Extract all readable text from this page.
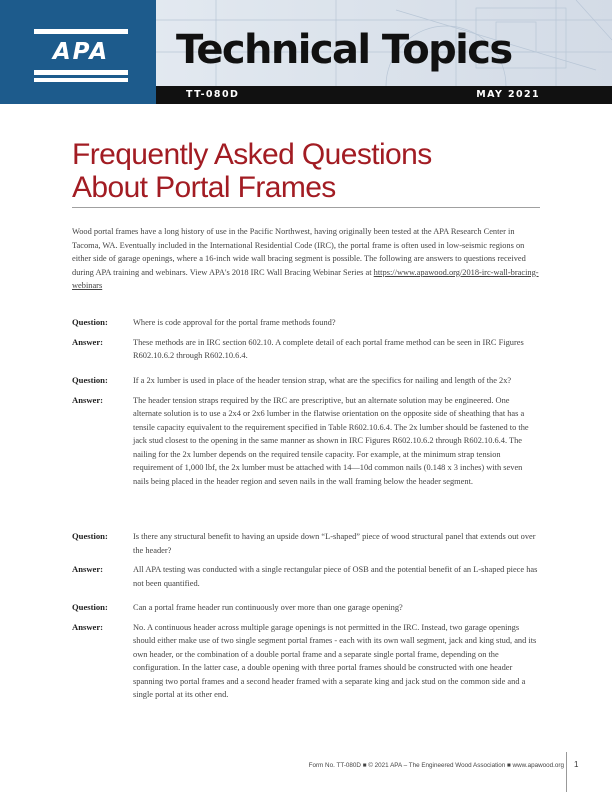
APA	Technical Topics
TT-080D	MAY 2021
Frequently Asked Questions
About Portal Frames

Wood portal frames have a long history of use in the Pacific Northwest, having originally been tested at the APA Research Center in Tacoma, WA. Eventually included in the International Residential Code (IRC), the portal frame is often used in low-seismic regions on either side of garage openings, where a 16-inch wide wall bracing segment is possible. The following are answers to questions received during APA training and webinars. View APA's 2018 IRC Wall Bracing Webinar Series at https://www.apawood.org/2018-irc-wall-bracing-webinars

Question:	Where is code approval for the portal frame methods found?
Answer:	These methods are in IRC section 602.10. A complete detail of each portal frame method can be seen in IRC Figures R602.10.6.2 through R602.10.6.4.
Question:	If a 2x lumber is used in place of the header tension strap, what are the specifics for nailing and length of the 2x?
Answer:	The header tension straps required by the IRC are prescriptive, but an alternate solution may be engineered. One alternate solution is to use a 2x4 or 2x6 lumber in the flatwise orientation on the opposite side of sheathing that has a tensile capacity equivalent to the requirement specified in Table R602.10.6.4. The 2x lumber should be fastened to the jack stud closest to the opening in the same manner as shown in IRC Figures R602.10.6.2 through R602.10.6.4. The nailing for the 2x lumber depends on the required tensile capacity. For example, at the minimum strap tension requirement of 1,000 lbf, the 2x lumber must be attached with 14—10d common nails (0.148 x 3 inches) with seven nails being placed in the header region and seven nails in the wall framing below the header segment.
Question:	Is there any structural benefit to having an upside down “L-shaped” piece of wood structural panel that extends out over the header?
Answer:	All APA testing was conducted with a single rectangular piece of OSB and the potential benefit of an L-shaped piece has not been quantified.
Question:	Can a portal frame header run continuously over more than one garage opening?
Answer:	No. A continuous header across multiple garage openings is not permitted in the IRC. Instead, two garage openings should either make use of two single segment portal frames - each with its own wall segment, jack and king stud, and its own header, or the combination of a double portal frame and a separate single portal frame, depending on the configuration. In the latter case, a double opening with three portal frames should be constructed with one header spanning two portal frames and a second header framed with a separate king and jack stud on the common side and a single portal at its other end.
Form No. TT-080D ■ © 2021 APA – The Engineered Wood Association ■ www.apawood.org 1
